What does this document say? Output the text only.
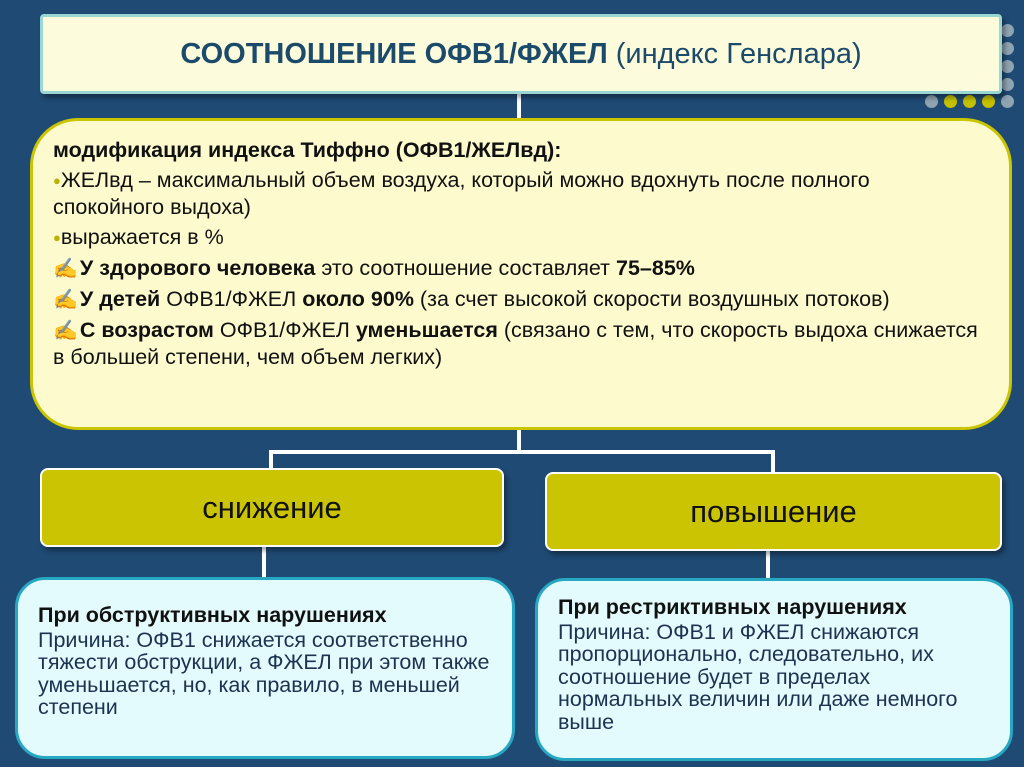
СООТНОШЕНИЕ ОФВ1/ФЖЕЛ
(индекс Генслара)

модификация индекса Тиффно (ОФВ1/ЖЕЛвд):

●ЖЕЛвд – максимальный объем воздуха, который можно вдохнуть после полного спокойного выдоха)

●выражается в %

✍У здорового человека это соотношение составляет 75–85%

✍У детей ОФВ1/ФЖЕЛ около 90% (за счет высокой скорости воздушных потоков)

✍С возрастом ОФВ1/ФЖЕЛ уменьшается (связано с тем, что скорость выдоха снижается в большей степени, чем объем легких)

снижение	повышение

При обструктивных нарушениях

Причина: ОФВ1 снижается соответственно тяжести обструкции, а ФЖЕЛ при этом также уменьшается, но, как правило, в меньшей степени

При рестриктивных нарушениях

Причина: ОФВ1 и ФЖЕЛ снижаются пропорционально, следовательно, их соотношение будет в пределах нормальных величин или даже немного выше
